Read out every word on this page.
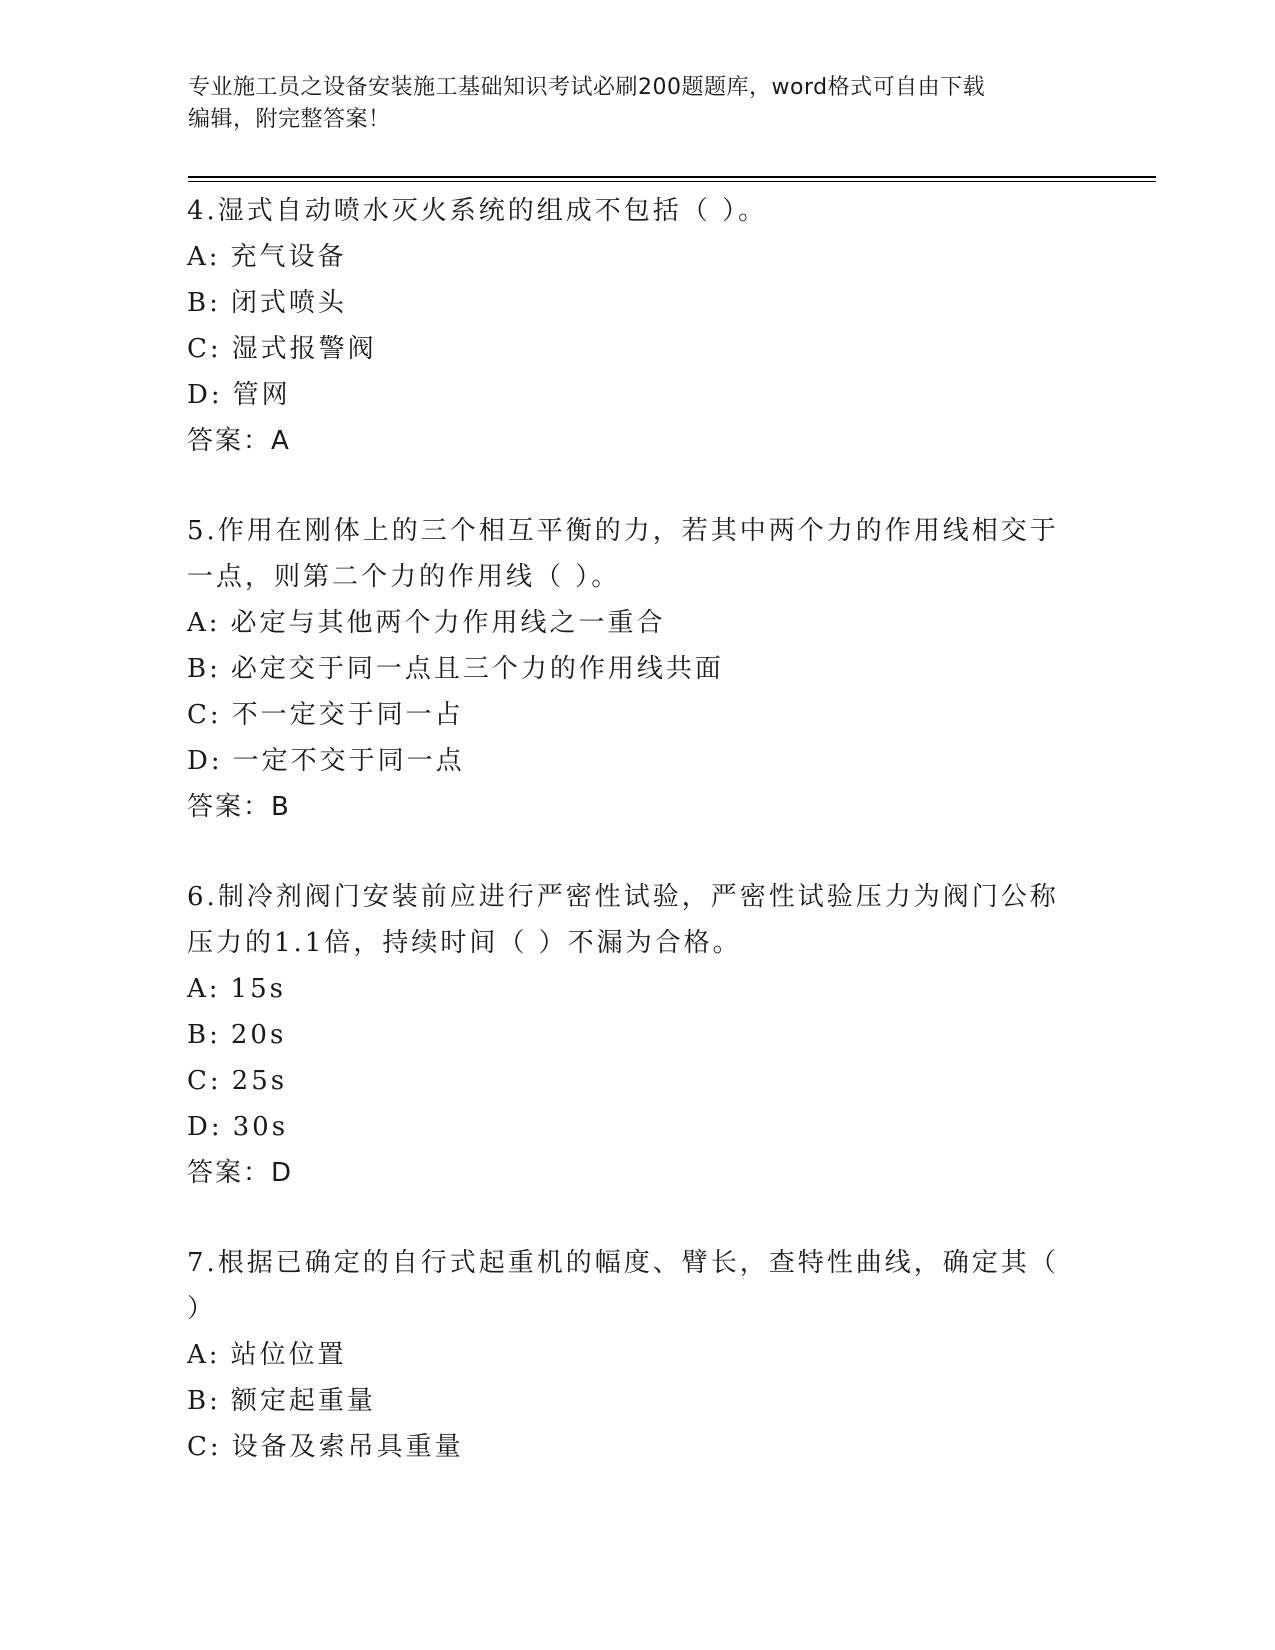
专业施工员之设备安装施工基础知识考试必刷200题题库，word格式可自由下载
编辑，附完整答案！
4.湿式自动喷水灭火系统的组成不包括（ ）。
A: 充气设备
B: 闭式喷头
C: 湿式报警阀
D: 管网
答案：A
5.作用在刚体上的三个相互平衡的力，若其中两个力的作用线相交于一点，则第二个力的作用线（ ）。
A: 必定与其他两个力作用线之一重合
B: 必定交于同一点且三个力的作用线共面
C: 不一定交于同一占
D: 一定不交于同一点
答案：B
6.制冷剂阀门安装前应进行严密性试验，严密性试验压力为阀门公称压力的1.1倍，持续时间（ ）不漏为合格。
A: 15s
B: 20s
C: 25s
D: 30s
答案：D
7.根据已确定的自行式起重机的幅度、臂长，查特性曲线，确定其（ ）
A: 站位位置
B: 额定起重量
C: 设备及索吊具重量
